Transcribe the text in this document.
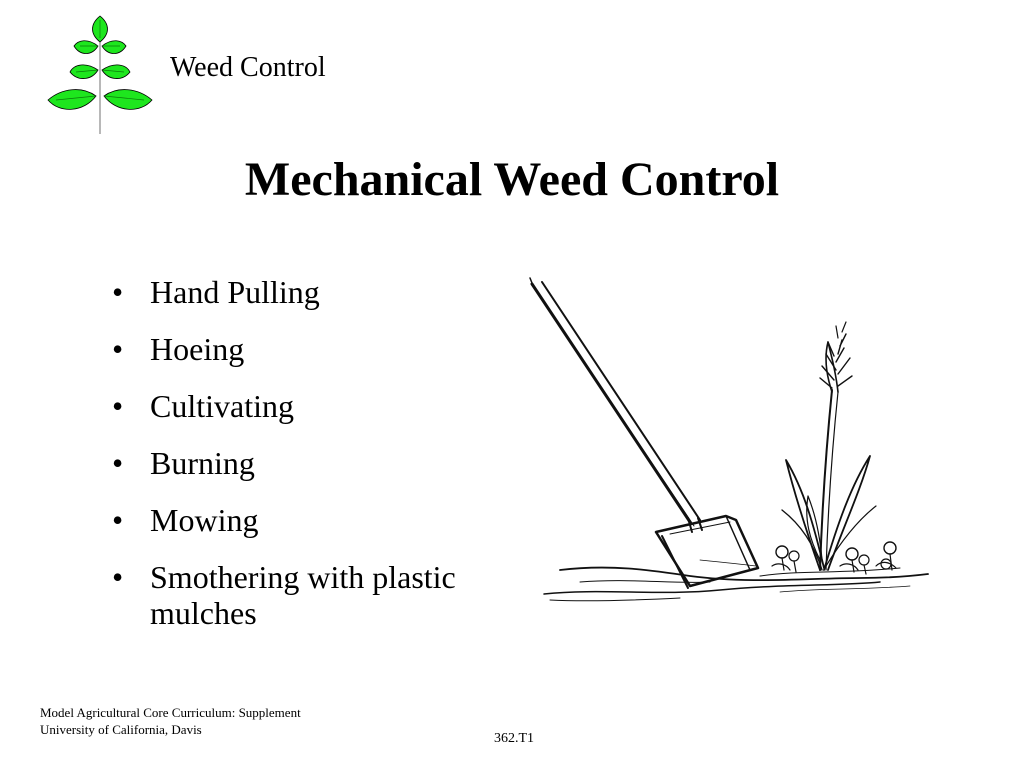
Weed Control
Mechanical Weed Control
• Hand Pulling
• Hoeing
• Cultivating
• Burning
• Mowing
• Smothering with plastic mulches
Model Agricultural Core Curriculum: Supplement
University of California, Davis
362.T1
